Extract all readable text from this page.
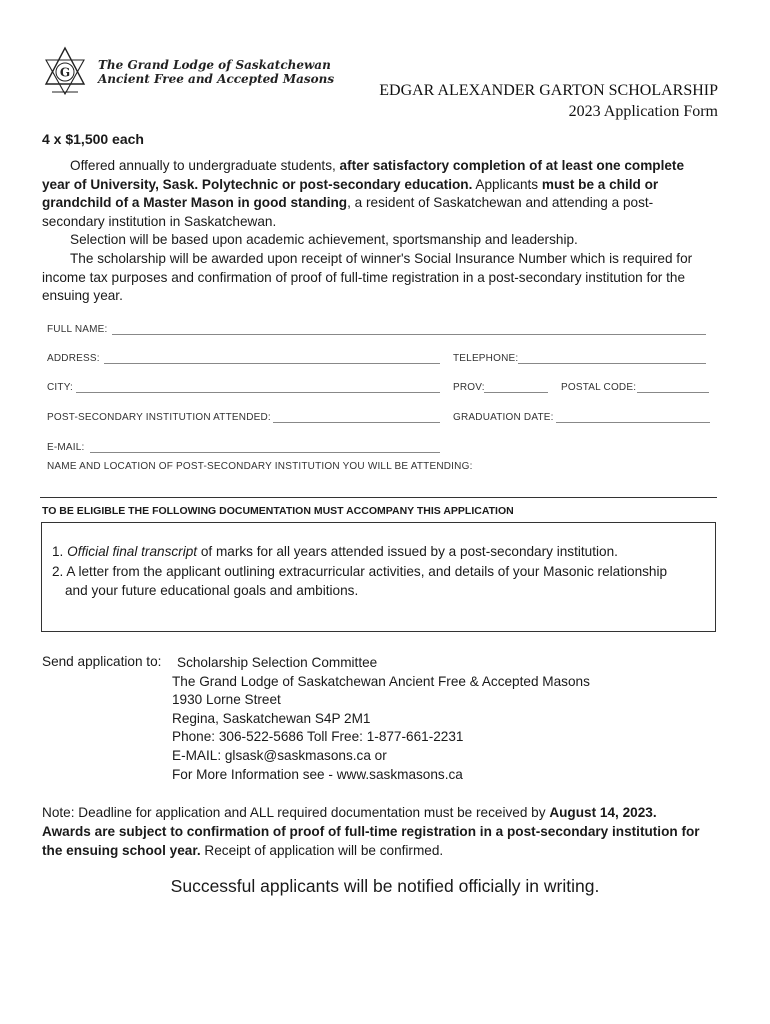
G
The Grand Lodge of Saskatchewan
Ancient Free and Accepted Masons
EDGAR ALEXANDER GARTON SCHOLARSHIP
2023 Application Form
4 x $1,500 each

Offered annually to undergraduate students, after satisfactory completion of at least one complete year of University, Sask. Polytechnic or post-secondary education. Applicants must be a child or grandchild of a Master Mason in good standing, a resident of Saskatchewan and attending a post-secondary institution in Saskatchewan.

Selection will be based upon academic achievement, sportsmanship and leadership.

The scholarship will be awarded upon receipt of winner's Social Insurance Number which is required for income tax purposes and confirmation of proof of full-time registration in a post-secondary institution for the ensuing year.

FULL NAME:
ADDRESS:	TELEPHONE:
CITY:	PROV:	POSTAL CODE:
POST-SECONDARY INSTITUTION ATTENDED:	GRADUATION DATE:
E-MAIL:
NAME AND LOCATION OF POST-SECONDARY INSTITUTION YOU WILL BE ATTENDING:
TO BE ELIGIBLE THE FOLLOWING DOCUMENTATION MUST ACCOMPANY THIS APPLICATION
1. Official final transcript of marks for all years attended issued by a post-secondary institution.
2. A letter from the applicant outlining extracurricular activities, and details of your Masonic relationship
and your future educational goals and ambitions.
Send application to:	Scholarship Selection Committee
The Grand Lodge of Saskatchewan Ancient Free & Accepted Masons
1930 Lorne Street
Regina, Saskatchewan S4P 2M1
Phone: 306-522-5686 Toll Free: 1-877-661-2231
E-MAIL: glsask@saskmasons.ca or
For More Information see - www.saskmasons.ca
Note: Deadline for application and ALL required documentation must be received by August 14, 2023.
Awards are subject to confirmation of proof of full-time registration in a post-secondary institution for the ensuing school year. Receipt of application will be confirmed.
Successful applicants will be notified officially in writing.
